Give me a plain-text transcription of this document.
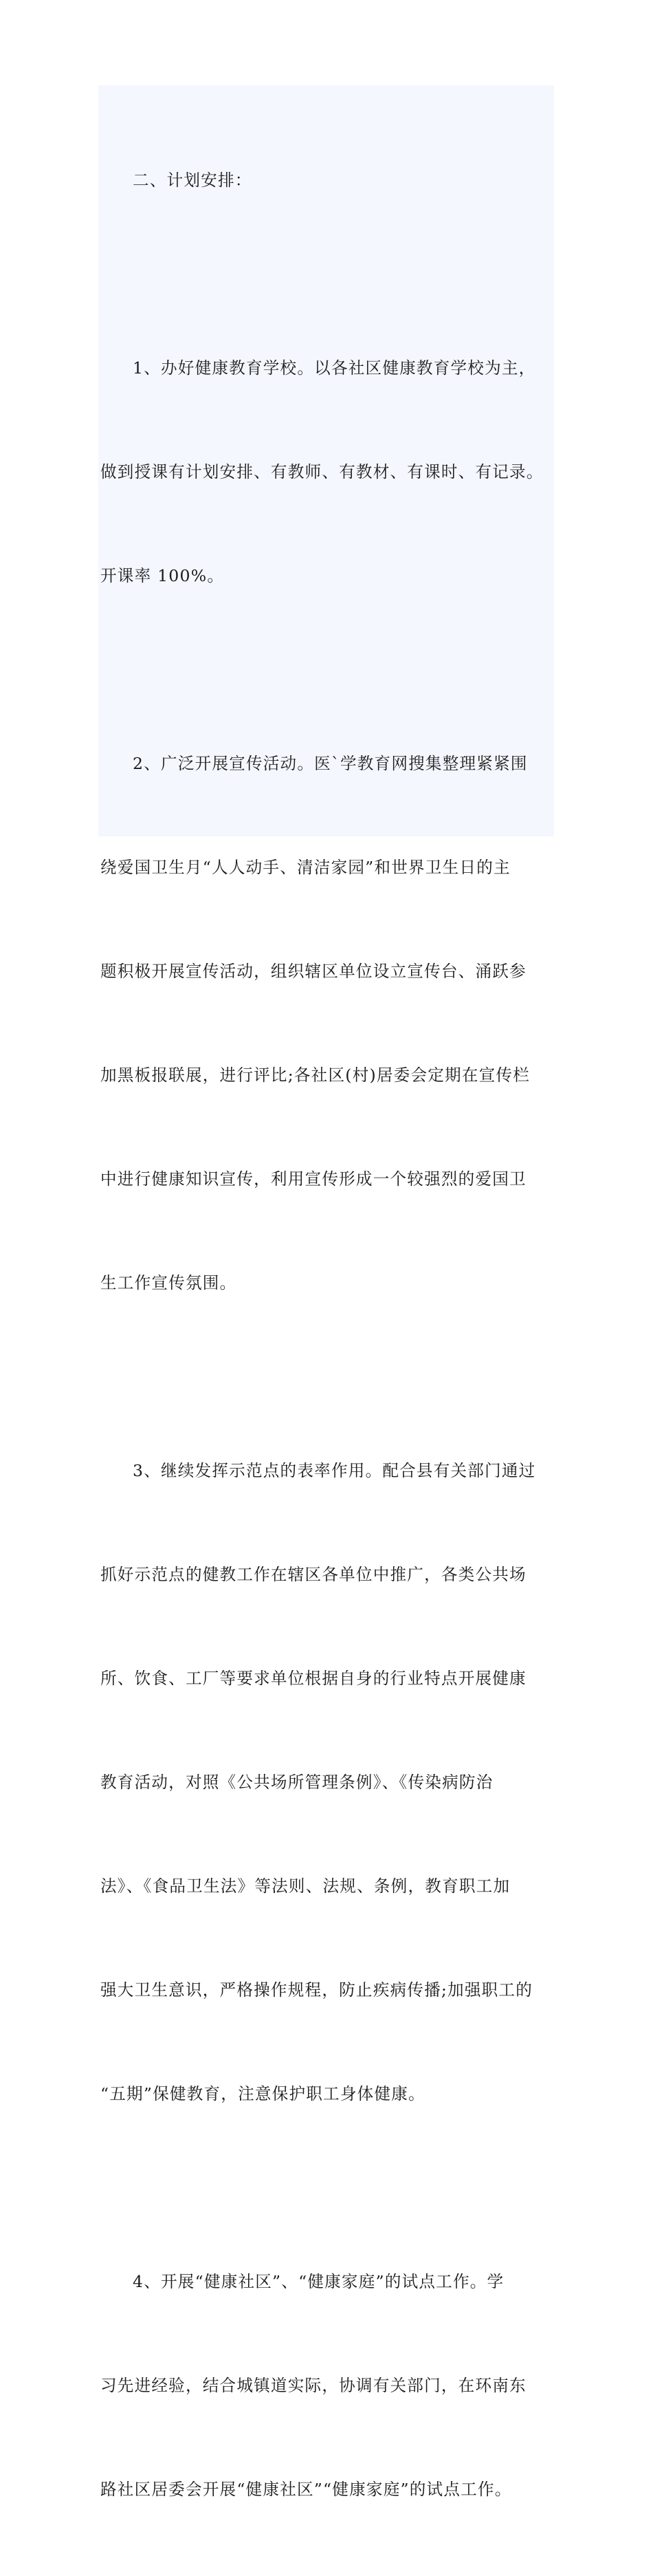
二、计划安排：

1、办好健康教育学校。以各社区健康教育学校为主，

做到授课有计划安排、有教师、有教材、有课时、有记录。

开课率 100%。

2、广泛开展宣传活动。医`学教育网搜集整理紧紧围

绕爱国卫生月“人人动手、清洁家园”和世界卫生日的主

题积极开展宣传活动，组织辖区单位设立宣传台、涌跃参

加黑板报联展，进行评比;各社区(村)居委会定期在宣传栏

中进行健康知识宣传，利用宣传形成一个较强烈的爱国卫

生工作宣传氛围。

3、继续发挥示范点的表率作用。配合县有关部门通过

抓好示范点的健教工作在辖区各单位中推广，各类公共场

所、饮食、工厂等要求单位根据自身的行业特点开展健康

教育活动，对照《公共场所管理条例》、《传染病防治

法》、《食品卫生法》等法则、法规、条例，教育职工加

强大卫生意识，严格操作规程，防止疾病传播;加强职工的

“五期”保健教育，注意保护职工身体健康。

4、开展“健康社区”、“健康家庭”的试点工作。学

习先进经验，结合城镇道实际，协调有关部门，在环南东

路社区居委会开展“健康社区”“健康家庭”的试点工作。
